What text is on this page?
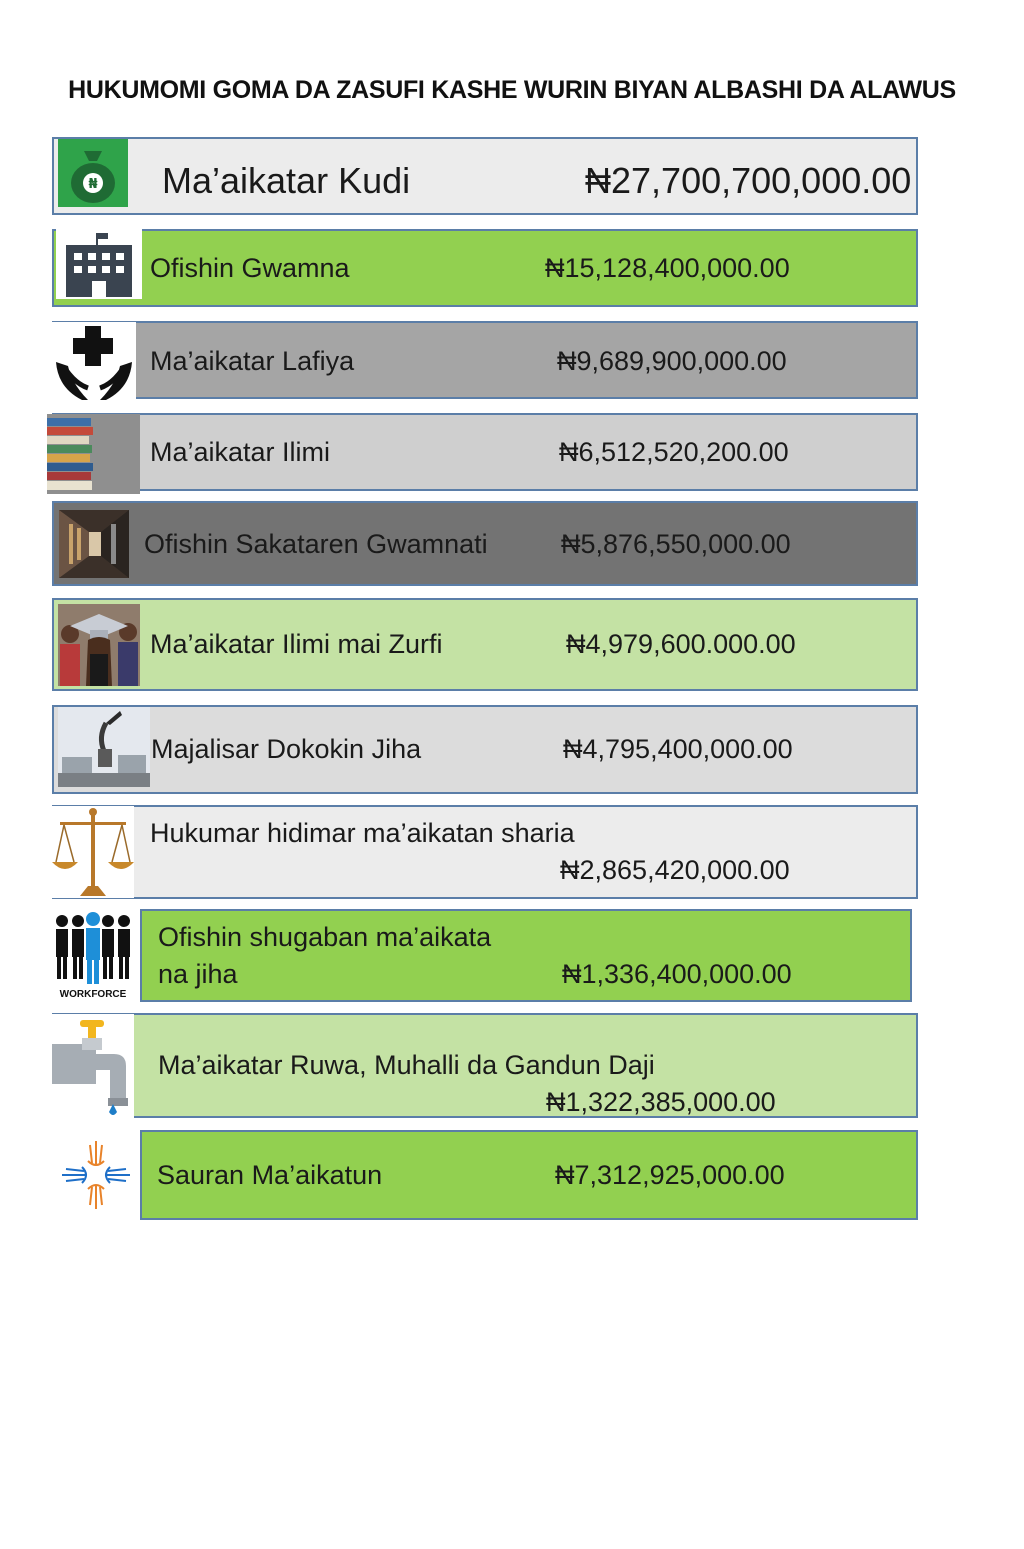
HUKUMOMI GOMA DA ZASUFI KASHE WURIN BIYAN ALBASHI DA ALAWUS
₦ Ma’aikatar Kudi	₦27,700,700,000.00
Ofishin Gwamna	₦15,128,400,000.00
Ma’aikatar Lafiya	₦9,689,900,000.00
Ma’aikatar Ilimi	₦6,512,520,200.00
Ofishin Sakataren Gwamnati	₦5,876,550,000.00
Ma’aikatar Ilimi mai Zurfi	₦4,979,600.000.00
Majalisar Dokokin Jiha	₦4,795,400,000.00
Hukumar hidimar ma’aikatan sharia
₦2,865,420,000.00
WORKFORCE
Ofishin shugaban ma’aikata
na jiha	₦1,336,400,000.00
Ma’aikatar Ruwa, Muhalli da Gandun Daji
₦1,322,385,000.00
Sauran Ma’aikatun	₦7,312,925,000.00
